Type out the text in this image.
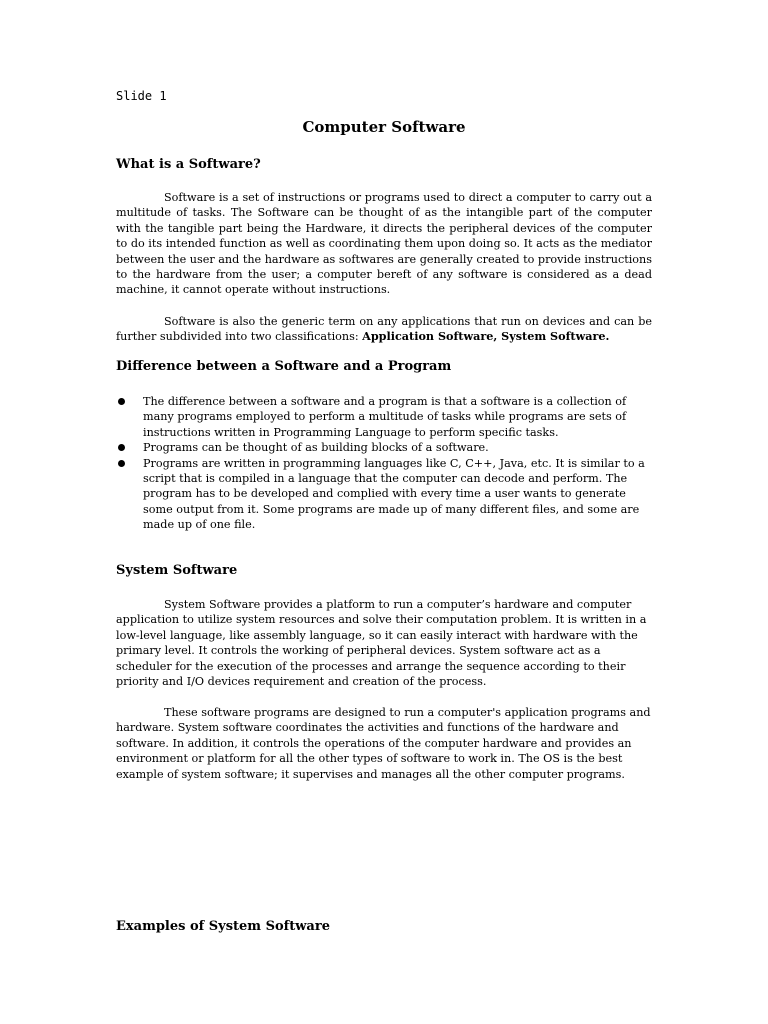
Slide 1
Computer Software
What is a Software?
Software is a set of instructions or programs used to direct a computer to carry out a multitude of tasks. The Software can be thought of as the intangible part of the computer with the tangible part being the Hardware, it directs the peripheral devices of the computer to do its intended function as well as coordinating them upon doing so. It acts as the mediator between the user and the hardware as softwares are generally created to provide instructions to the hardware from the user; a computer bereft of any software is considered as a dead machine, it cannot operate without instructions.
Software is also the generic term on any applications that run on devices and can be further subdivided into two classifications: Application Software, System Software.
Difference between a Software and a Program
The difference between a software and a program is that a software is a collection of many programs employed to perform a multitude of tasks while programs are sets of instructions written in Programming Language to perform specific tasks.
Programs can be thought of as building blocks of a software.
Programs are written in programming languages like C, C++, Java, etc. It is similar to a script that is compiled in a language that the computer can decode and perform. The program has to be developed and complied with every time a user wants to generate some output from it. Some programs are made up of many different files, and some are made up of one file.
System Software
System Software provides a platform to run a computer’s hardware and computer application to utilize system resources and solve their computation problem. It is written in a low-level language, like assembly language, so it can easily interact with hardware with the primary level. It controls the working of peripheral devices. System software act as a scheduler for the execution of the processes and arrange the sequence according to their priority and I/O devices requirement and creation of the process.
These software programs are designed to run a computer's application programs and hardware. System software coordinates the activities and functions of the hardware and software. In addition, it controls the operations of the computer hardware and provides an environment or platform for all the other types of software to work in. The OS is the best example of system software; it supervises and manages all the other computer programs.
Examples of System Software
